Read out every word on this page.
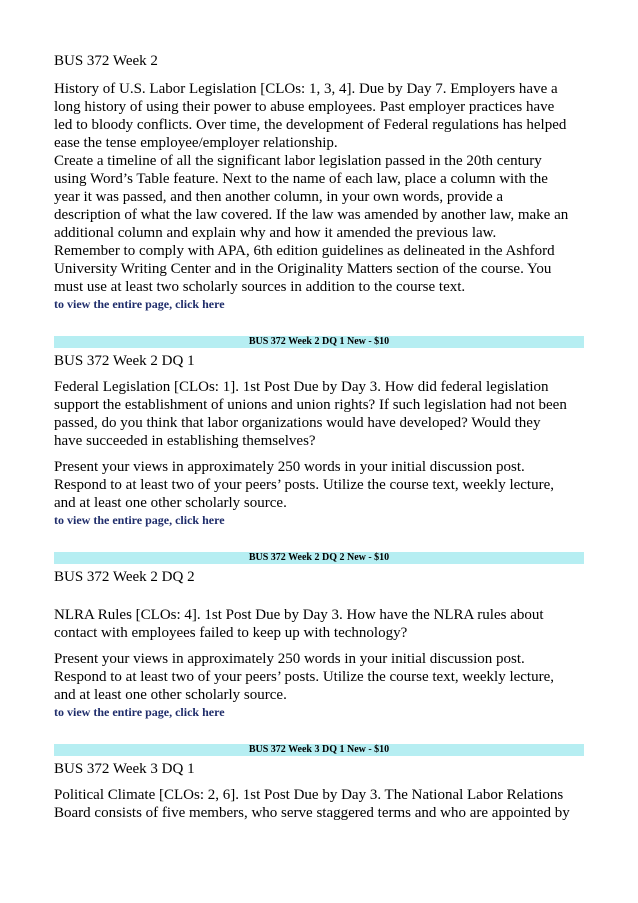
BUS 372 Week 2
History of U.S. Labor Legislation [CLOs: 1, 3, 4]. Due by Day 7. Employers have a
long history of using their power to abuse employees. Past employer practices have
led to bloody conflicts. Over time, the development of Federal regulations has helped
ease the tense employee/employer relationship.
Create a timeline of all the significant labor legislation passed in the 20th century
using Word’s Table feature. Next to the name of each law, place a column with the
year it was passed, and then another column, in your own words, provide a
description of what the law covered. If the law was amended by another law, make an
additional column and explain why and how it amended the previous law.
Remember to comply with APA, 6th edition guidelines as delineated in the Ashford
University Writing Center and in the Originality Matters section of the course. You
must use at least two scholarly sources in addition to the course text.
to view the entire page, click here
BUS 372 Week 2 DQ 1 New - $10
BUS 372 Week 2 DQ 1
Federal Legislation [CLOs: 1]. 1st Post Due by Day 3. How did federal legislation
support the establishment of unions and union rights? If such legislation had not been
passed, do you think that labor organizations would have developed? Would they
have succeeded in establishing themselves?
Present your views in approximately 250 words in your initial discussion post.
Respond to at least two of your peers’ posts. Utilize the course text, weekly lecture,
and at least one other scholarly source.
to view the entire page, click here
BUS 372 Week 2 DQ 2 New - $10
BUS 372 Week 2 DQ 2
NLRA Rules [CLOs: 4]. 1st Post Due by Day 3. How have the NLRA rules about
contact with employees failed to keep up with technology?
Present your views in approximately 250 words in your initial discussion post.
Respond to at least two of your peers’ posts. Utilize the course text, weekly lecture,
and at least one other scholarly source.
to view the entire page, click here
BUS 372 Week 3 DQ 1 New - $10
BUS 372 Week 3 DQ 1
Political Climate [CLOs: 2, 6]. 1st Post Due by Day 3. The National Labor Relations
Board consists of five members, who serve staggered terms and who are appointed by
